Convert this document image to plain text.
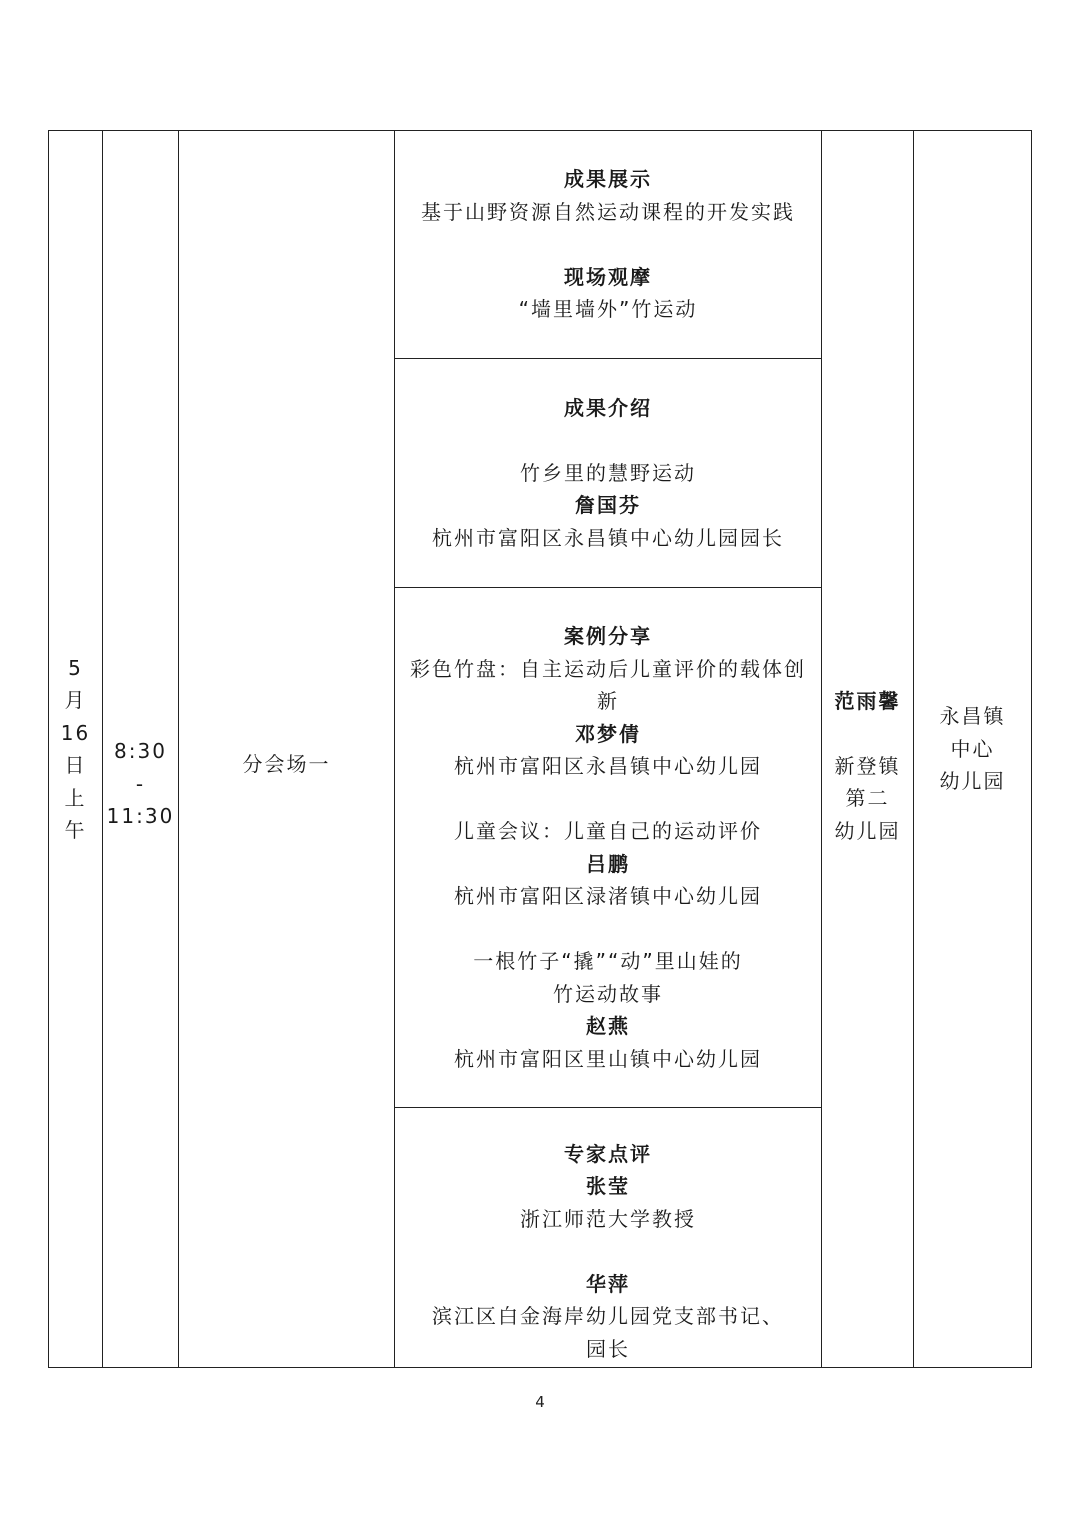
5
月
16
日
上
午
8:30
-
11:30
分会场一
成果展示
基于山野资源自然运动课程的开发实践
现场观摩
“墙里墙外”竹运动
成果介绍
竹乡里的慧野运动
詹国芬
杭州市富阳区永昌镇中心幼儿园园长
案例分享
彩色竹盘：自主运动后儿童评价的载体创
新
邓梦倩
杭州市富阳区永昌镇中心幼儿园
儿童会议：儿童自己的运动评价
吕鹏
杭州市富阳区渌渚镇中心幼儿园
一根竹子“撬”“动”里山娃的
竹运动故事
赵燕
杭州市富阳区里山镇中心幼儿园
专家点评
张莹
浙江师范大学教授
华萍
滨江区白金海岸幼儿园党支部书记、
园长
范雨馨
新登镇
第二
幼儿园
永昌镇
中心
幼儿园
4
